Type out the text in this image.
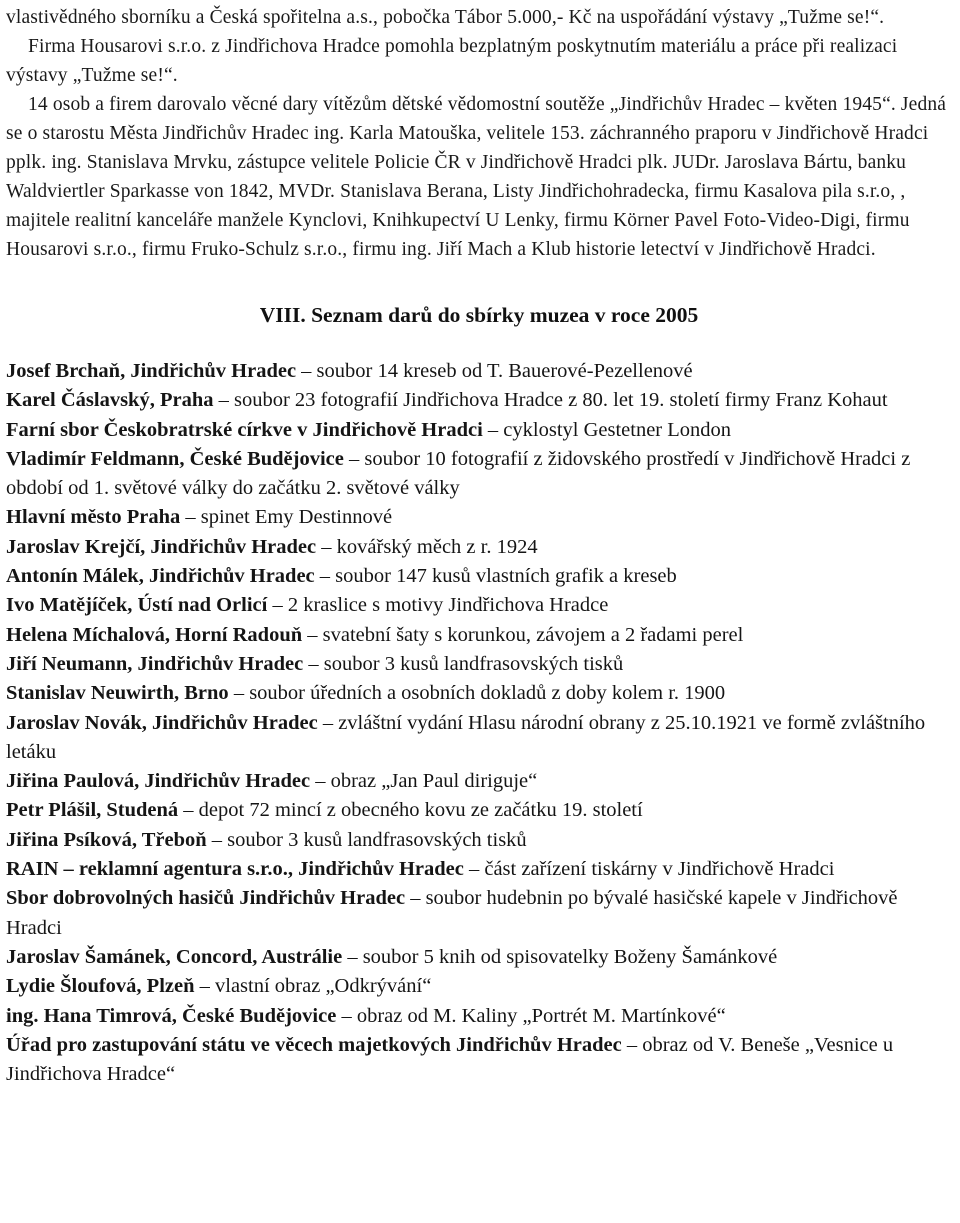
vlastivědného sborníku a Česká spořitelna a.s., pobočka Tábor 5.000,- Kč na uspořádání výstavy „Tužme se!“.

Firma Housarovi s.r.o. z Jindřichova Hradce pomohla bezplatným poskytnutím materiálu a práce při realizaci výstavy „Tužme se!“.

14 osob a firem darovalo věcné dary vítězům dětské vědomostní soutěže „Jindřichův Hradec – květen 1945“. Jedná se o starostu Města Jindřichův Hradec ing. Karla Matouška, velitele 153. záchranného praporu v Jindřichově Hradci pplk. ing. Stanislava Mrvku, zástupce velitele Policie ČR v Jindřichově Hradci plk. JUDr. Jaroslava Bártu, banku Waldviertler Sparkasse von 1842, MVDr. Stanislava Berana, Listy Jindřichohradecka, firmu Kasalova pila s.r.o, , majitele realitní kanceláře manžele Kynclovi, Knihkupectví U Lenky, firmu Körner Pavel Foto-Video-Digi, firmu Housarovi s.r.o., firmu Fruko-Schulz s.r.o., firmu ing. Jiří Mach a Klub historie letectví v Jindřichově Hradci.

VIII. Seznam darů do sbírky muzea v roce 2005

Josef Brchaň, Jindřichův Hradec – soubor 14 kreseb od T. Bauerové-Pezellenové

Karel Čáslavský, Praha – soubor 23 fotografií Jindřichova Hradce z 80. let 19. století firmy Franz Kohaut

Farní sbor Českobratrské církve v Jindřichově Hradci – cyklostyl Gestetner London

Vladimír Feldmann, České Budějovice – soubor 10 fotografií z židovského prostředí v Jindřichově Hradci z období od 1. světové války do začátku 2. světové války

Hlavní město Praha – spinet Emy Destinnové

Jaroslav Krejčí, Jindřichův Hradec – kovářský měch z r. 1924

Antonín Málek, Jindřichův Hradec – soubor 147 kusů vlastních grafik a kreseb

Ivo Matějíček, Ústí nad Orlicí – 2 kraslice s motivy Jindřichova Hradce

Helena Míchalová, Horní Radouň – svatební šaty s korunkou, závojem a 2 řadami perel

Jiří Neumann, Jindřichův Hradec – soubor 3 kusů landfrasovských tisků

Stanislav Neuwirth, Brno – soubor úředních a osobních dokladů z doby kolem r. 1900

Jaroslav Novák, Jindřichův Hradec – zvláštní vydání Hlasu národní obrany z 25.10.1921 ve formě zvláštního letáku

Jiřina Paulová, Jindřichův Hradec – obraz „Jan Paul diriguje“

Petr Plášil, Studená – depot 72 mincí z obecného kovu ze začátku 19. století

Jiřina Psíková, Třeboň – soubor 3 kusů landfrasovských tisků

RAIN – reklamní agentura s.r.o., Jindřichův Hradec – část zařízení tiskárny v Jindřichově Hradci

Sbor dobrovolných hasičů Jindřichův Hradec – soubor hudebnin po bývalé hasičské kapele v Jindřichově Hradci

Jaroslav Šamánek, Concord, Austrálie – soubor 5 knih od spisovatelky Boženy Šamánkové

Lydie Šloufová, Plzeň – vlastní obraz „Odkrývání“

ing. Hana Timrová, České Budějovice – obraz od M. Kaliny „Portrét M. Martínkové“

Úřad pro zastupování státu ve věcech majetkových Jindřichův Hradec – obraz od V. Beneše „Vesnice u Jindřichova Hradce“
